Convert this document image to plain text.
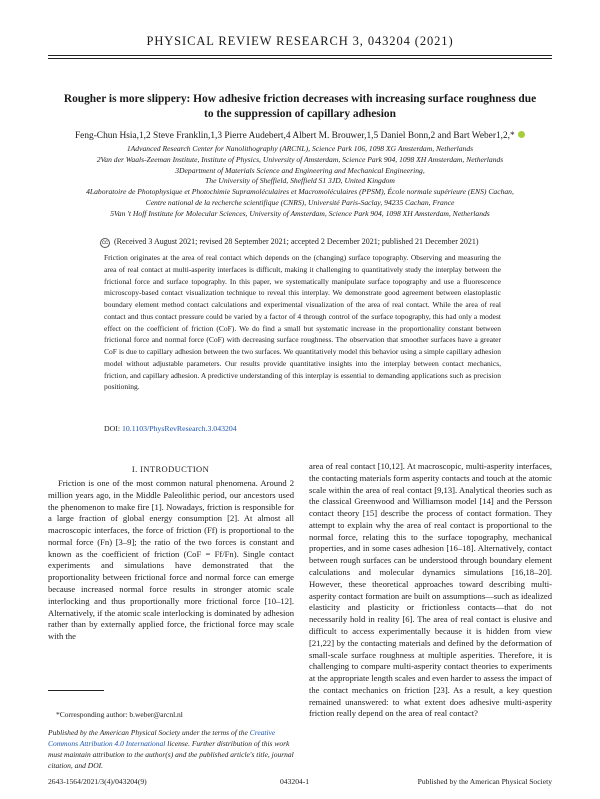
PHYSICAL REVIEW RESEARCH 3, 043204 (2021)
Rougher is more slippery: How adhesive friction decreases with increasing surface roughness due to the suppression of capillary adhesion
Feng-Chun Hsia,1,2 Steve Franklin,1,3 Pierre Audebert,4 Albert M. Brouwer,1,5 Daniel Bonn,2 and Bart Weber1,2,*
1Advanced Research Center for Nanolithography (ARCNL), Science Park 106, 1098 XG Amsterdam, Netherlands
2Van der Waals-Zeeman Institute, Institute of Physics, University of Amsterdam, Science Park 904, 1098 XH Amsterdam, Netherlands
3Department of Materials Science and Engineering and Mechanical Engineering,
The University of Sheffield, Sheffield S1 3JD, United Kingdom
4Laboratoire de Photophysique et Photochimie Supramoléculaires et Macromoléculaires (PPSM), École normale supérieure (ENS) Cachan,
Centre national de la recherche scientifique (CNRS), Université Paris-Saclay, 94235 Cachan, France
5Van 't Hoff Institute for Molecular Sciences, University of Amsterdam, Science Park 904, 1098 XH Amsterdam, Netherlands
cc (Received 3 August 2021; revised 28 September 2021; accepted 2 December 2021; published 21 December 2021)
Friction originates at the area of real contact which depends on the (changing) surface topography. Observing and measuring the area of real contact at multi-asperity interfaces is difficult, making it challenging to quantitatively study the interplay between the frictional force and surface topography. In this paper, we systematically manipulate surface topography and use a fluorescence microscopy-based contact visualization technique to reveal this interplay. We demonstrate good agreement between elastoplastic boundary element method contact calculations and experimental visualization of the area of real contact. While the area of real contact and thus contact pressure could be varied by a factor of 4 through control of the surface topography, this had only a modest effect on the coefficient of friction (CoF). We do find a small but systematic increase in the proportionality constant between frictional force and normal force (CoF) with decreasing surface roughness. The observation that smoother surfaces have a greater CoF is due to capillary adhesion between the two surfaces. We quantitatively model this behavior using a simple capillary adhesion model without adjustable parameters. Our results provide quantitative insights into the interplay between contact mechanics, friction, and capillary adhesion. A predictive understanding of this interplay is essential to demanding applications such as precision positioning.
DOI: 10.1103/PhysRevResearch.3.043204
I. INTRODUCTION
Friction is one of the most common natural phenomena. Around 2 million years ago, in the Middle Paleolithic period, our ancestors used the phenomenon to make fire [1]. Nowadays, friction is responsible for a large fraction of global energy consumption [2]. At almost all macroscopic interfaces, the force of friction (Ff) is proportional to the normal force (Fn) [3–9]; the ratio of the two forces is constant and known as the coefficient of friction (CoF = Ff/Fn). Single contact experiments and simulations have demonstrated that the proportionality between frictional force and normal force can emerge because increased normal force results in stronger atomic scale interlocking and thus proportionally more frictional force [10–12]. Alternatively, if the atomic scale interlocking is dominated by adhesion rather than by externally applied force, the frictional force may scale with the
area of real contact [10,12]. At macroscopic, multi-asperity interfaces, the contacting materials form asperity contacts and touch at the atomic scale within the area of real contact [9,13]. Analytical theories such as the classical Greenwood and Williamson model [14] and the Persson contact theory [15] describe the process of contact formation. They attempt to explain why the area of real contact is proportional to the normal force, relating this to the surface topography, mechanical properties, and in some cases adhesion [16–18]. Alternatively, contact between rough surfaces can be understood through boundary element calculations and molecular dynamics simulations [16,18–20]. However, these theoretical approaches toward describing multi-asperity contact formation are built on assumptions—such as idealized elasticity and plasticity or frictionless contacts—that do not necessarily hold in reality [6]. The area of real contact is elusive and difficult to access experimentally because it is hidden from view [21,22] by the contacting materials and defined by the deformation of small-scale surface roughness at multiple asperities. Therefore, it is challenging to compare multi-asperity contact theories to experiments at the appropriate length scales and even harder to assess the impact of the contact mechanics on friction [23]. As a result, a key question remained unanswered: to what extent does adhesive multi-asperity friction really depend on the area of real contact?
*Corresponding author: b.weber@arcnl.nl
Published by the American Physical Society under the terms of the Creative Commons Attribution 4.0 International license. Further distribution of this work must maintain attribution to the author(s) and the published article's title, journal citation, and DOI.
2643-1564/2021/3(4)/043204(9)	043204-1	Published by the American Physical Society
